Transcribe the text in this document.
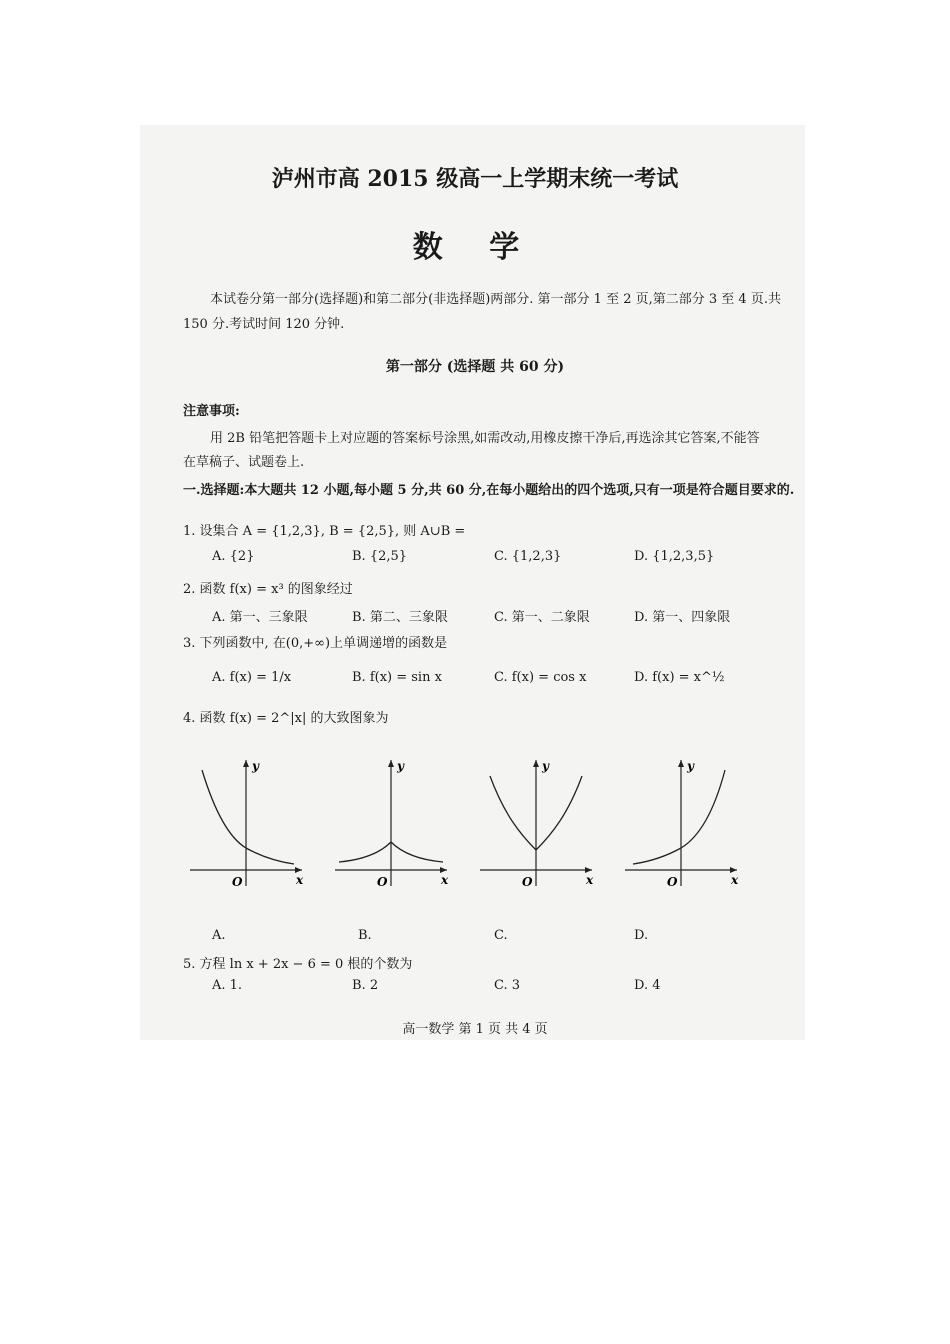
泸州市高 2015 级高一上学期末统一考试
数 学
本试卷分第一部分(选择题)和第二部分(非选择题)两部分. 第一部分 1 至 2 页,第二部分 3 至 4 页.共
150 分.考试时间 120 分钟.
第一部分 (选择题 共 60 分)
注意事项:
用 2B 铅笔把答题卡上对应题的答案标号涂黑,如需改动,用橡皮擦干净后,再选涂其它答案,不能答
在草稿子、试题卷上.
一.选择题:本大题共 12 小题,每小题 5 分,共 60 分,在每小题给出的四个选项,只有一项是符合题目要求的.
1. 设集合 A = {1,2,3}, B = {2,5}, 则 A∪B =
A. {2}	B. {2,5}	C. {1,2,3}	D. {1,2,3,5}
2. 函数 f(x) = x³ 的图象经过
A. 第一、三象限	B. 第二、三象限	C. 第一、二象限	D. 第一、四象限
3. 下列函数中, 在(0,+∞)上单调递增的函数是
A. f(x) = 1/x	B. f(x) = sin x	C. f(x) = cos x	D. f(x) = x^½
4. 函数 f(x) = 2^|x| 的大致图象为
y
x
O
y
x
O
y
x
O
y
x
O
A.	B.	C.	D.
5. 方程 ln x + 2x − 6 = 0 根的个数为
A. 1.	B. 2	C. 3	D. 4
高一数学 第 1 页 共 4 页
